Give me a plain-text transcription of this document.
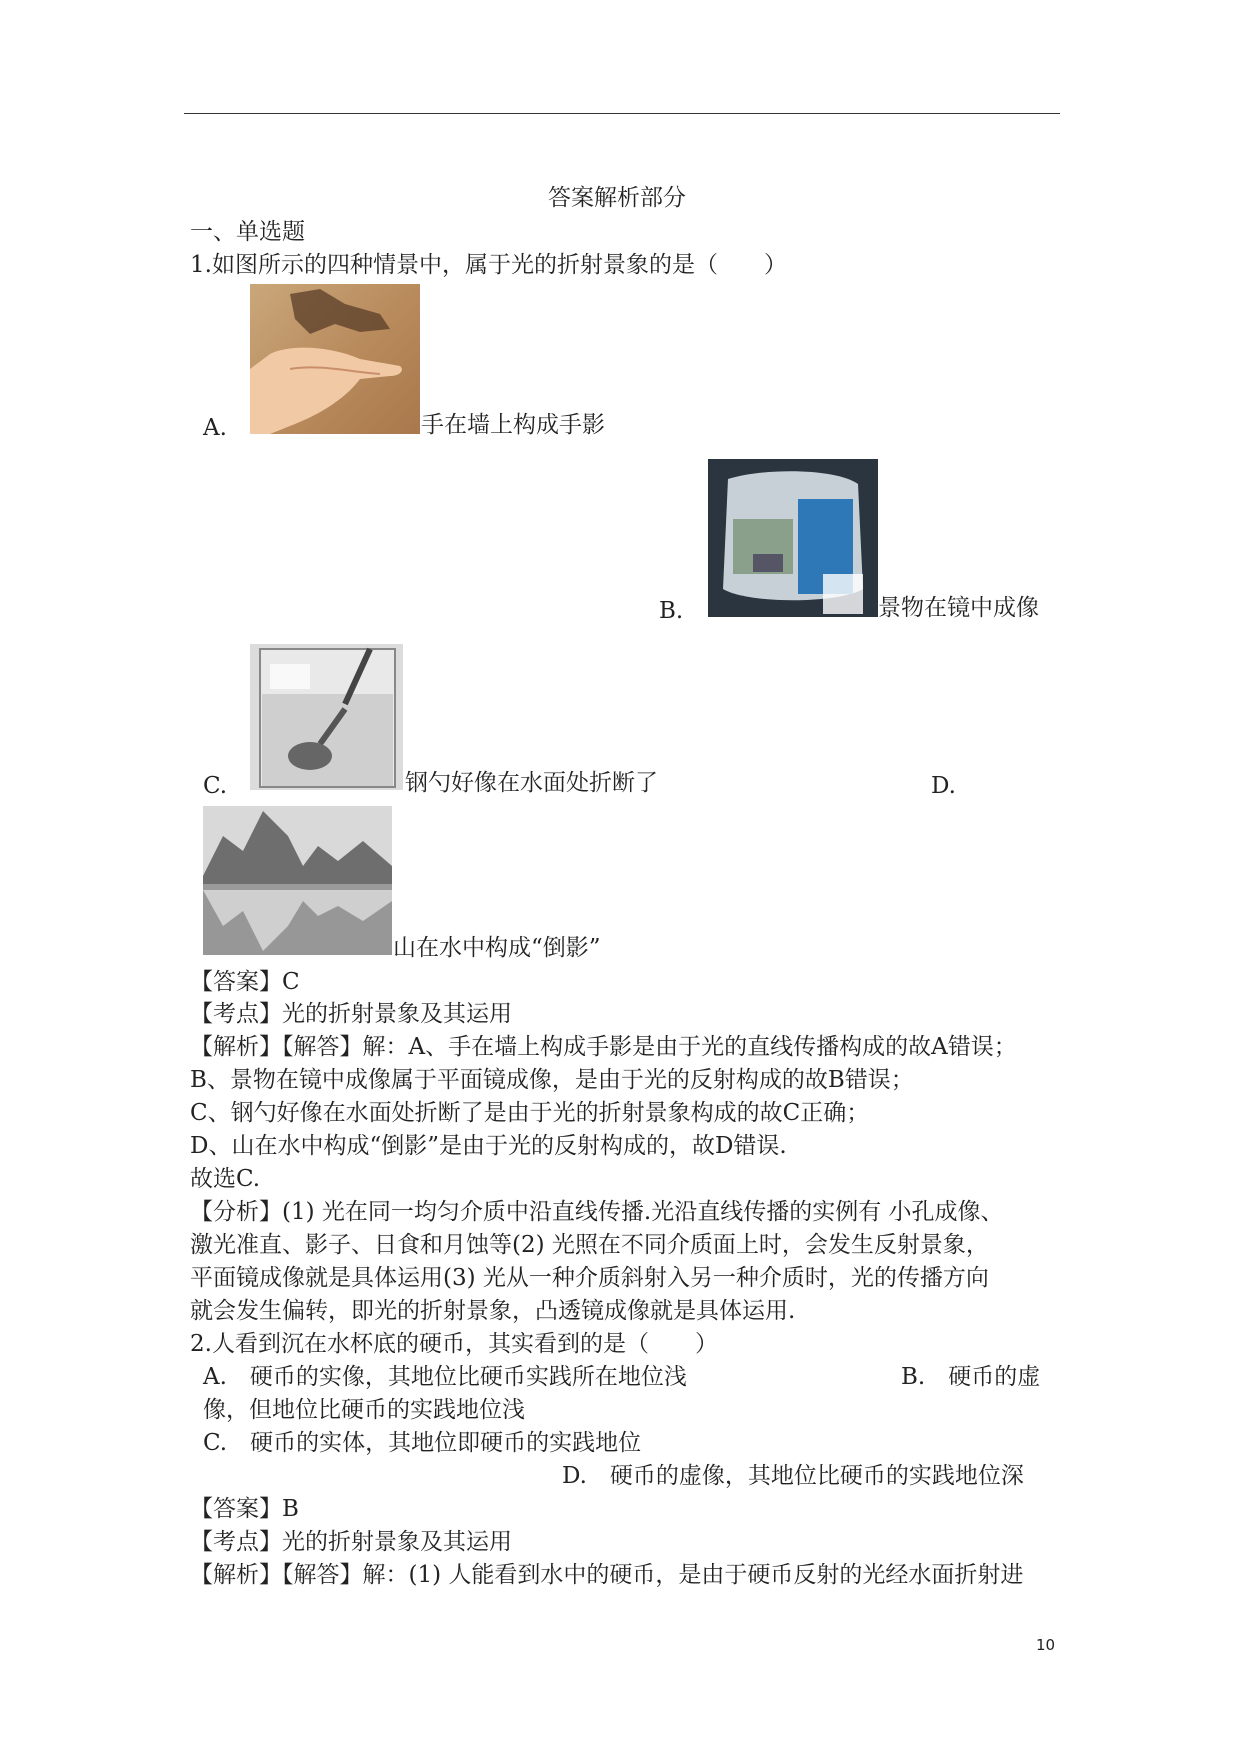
答案解析部分
一、单选题
1.如图所示的四种情景中，属于光的折射景象的是（　　）
A.	手在墙上构成手影
B.	景物在镜中成像
C.	钢勺好像在水面处折断了	D.
山在水中构成“倒影”
【答案】C
【考点】光的折射景象及其运用
【解析】【解答】解：A、手在墙上构成手影是由于光的直线传播构成的故A错误；
B、景物在镜中成像属于平面镜成像，是由于光的反射构成的故B错误；
C、钢勺好像在水面处折断了是由于光的折射景象构成的故C正确；
D、山在水中构成“倒影”是由于光的反射构成的，故D错误.
故选C.
【分析】(1) 光在同一均匀介质中沿直线传播.光沿直线传播的实例有 小孔成像、
激光准直、影子、日食和月蚀等(2) 光照在不同介质面上时，会发生反射景象，
平面镜成像就是具体运用(3) 光从一种介质斜射入另一种介质时，光的传播方向
就会发生偏转，即光的折射景象，凸透镜成像就是具体运用.
2.人看到沉在水杯底的硬币，其实看到的是（　　）
A.　硬币的实像，其地位比硬币实践所在地位浅	B.　硬币的虚
像，但地位比硬币的实践地位浅
C.　硬币的实体，其地位即硬币的实践地位
D.　硬币的虚像，其地位比硬币的实践地位深
【答案】B
【考点】光的折射景象及其运用
【解析】【解答】解：(1) 人能看到水中的硬币，是由于硬币反射的光经水面折射进
10
